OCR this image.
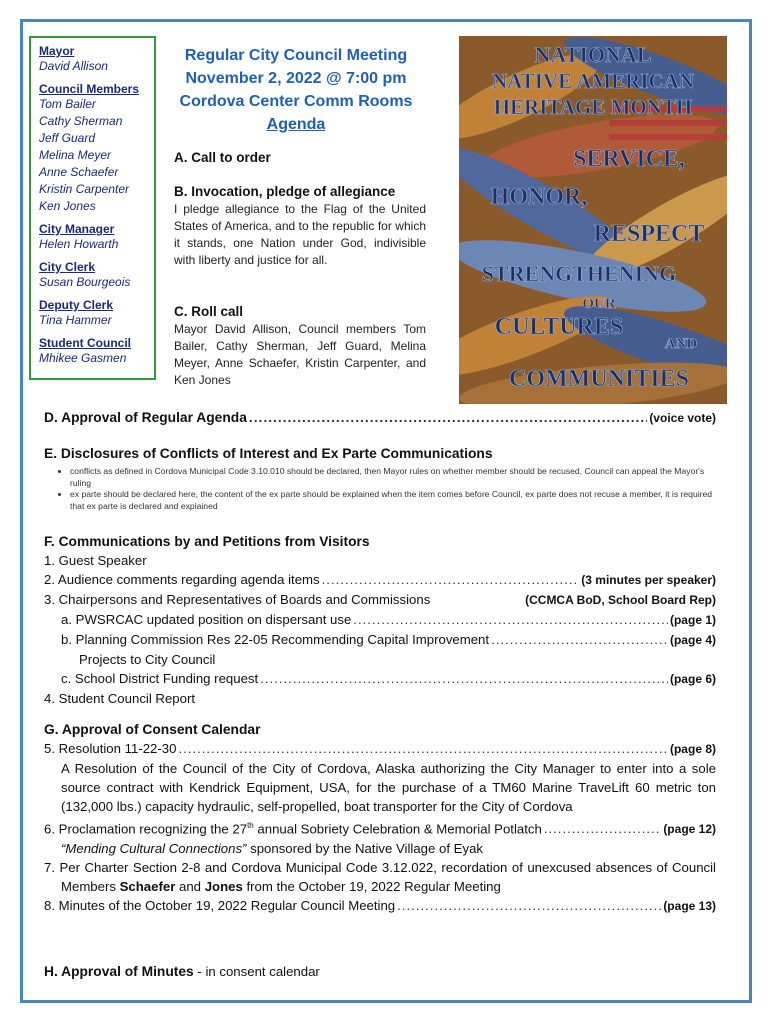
Mayor
David Allison
Council Members
Tom Bailer
Cathy Sherman
Jeff Guard
Melina Meyer
Anne Schaefer
Kristin Carpenter
Ken Jones
City Manager
Helen Howarth
City Clerk
Susan Bourgeois
Deputy Clerk
Tina Hammer
Student Council
Mhikee Gasmen
Regular City Council Meeting
November 2, 2022 @ 7:00 pm
Cordova Center Comm Rooms
Agenda
A. Call to order
B. Invocation, pledge of allegiance
I pledge allegiance to the Flag of the United States of America, and to the republic for which it stands, one Nation under God, indivisible with liberty and justice for all.
C. Roll call
Mayor David Allison, Council members Tom Bailer, Cathy Sherman, Jeff Guard, Melina Meyer, Anne Schaefer, Kristin Carpenter, and Ken Jones
NATIONAL
NATIVE AMERICAN
HERITAGE MONTH
SERVICE,
HONOR,
RESPECT
STRENGTHENING
OUR
CULTURES
AND
COMMUNITIES
D. Approval of Regular Agenda .....	(voice vote)
E. Disclosures of Conflicts of Interest and Ex Parte Communications
• conflicts as defined in Cordova Municipal Code 3.10.010 should be declared, then Mayor rules on whether member should be recused, Council can appeal the Mayor's ruling
• ex parte should be declared here, the content of the ex parte should be explained when the item comes before Council, ex parte does not recuse a member, it is required that ex parte is declared and explained
F. Communications by and Petitions from Visitors
1. Guest Speaker
2. Audience comments regarding agenda items .....	(3 minutes per speaker)
3. Chairpersons and Representatives of Boards and Commissions	(CCMCA BoD, School Board Rep)
a. PWSRCAC updated position on dispersant use .....	(page 1)
b. Planning Commission Res 22-05 Recommending Capital Improvement .....	(page 4)
Projects to City Council
c. School District Funding request .....	(page 6)
4. Student Council Report
G. Approval of Consent Calendar
5. Resolution 11-22-30 .....	(page 8)
A Resolution of the Council of the City of Cordova, Alaska authorizing the City Manager to enter into a sole source contract with Kendrick Equipment, USA, for the purchase of a TM60 Marine TraveLift 60 metric ton (132,000 lbs.) capacity hydraulic, self-propelled, boat transporter for the City of Cordova
6. Proclamation recognizing the 27th annual Sobriety Celebration & Memorial Potlatch .....	(page 12)
“Mending Cultural Connections” sponsored by the Native Village of Eyak
7. Per Charter Section 2-8 and Cordova Municipal Code 3.12.022, recordation of unexcused absences of Council Members Schaefer and Jones from the October 19, 2022 Regular Meeting
8. Minutes of the October 19, 2022 Regular Council Meeting .....	(page 13)
H. Approval of Minutes - in consent calendar
